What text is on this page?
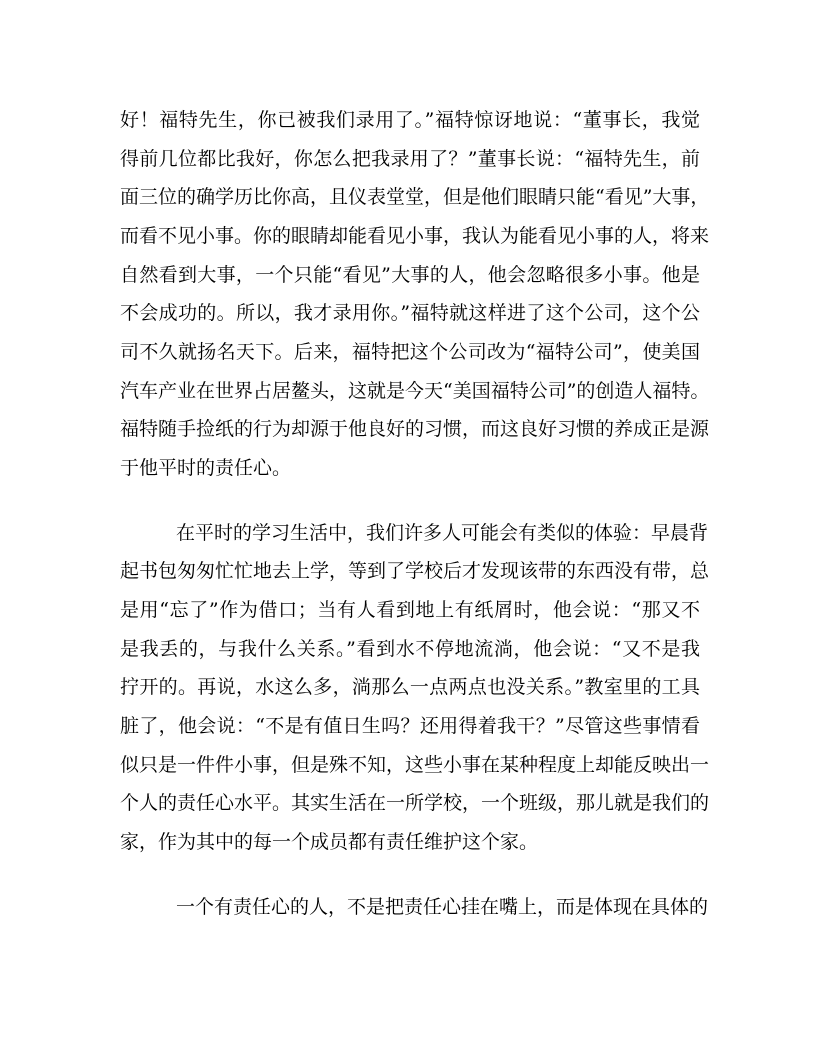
好！福特先生，你已被我们录用了。”福特惊讶地说：“董事长，我觉
得前几位都比我好，你怎么把我录用了？”董事长说：“福特先生，前
面三位的确学历比你高，且仪表堂堂，但是他们眼睛只能“看见”大事，
而看不见小事。你的眼睛却能看见小事，我认为能看见小事的人，将来
自然看到大事，一个只能“看见”大事的人，他会忽略很多小事。他是
不会成功的。所以，我才录用你。”福特就这样进了这个公司，这个公
司不久就扬名天下。后来，福特把这个公司改为“福特公司”，使美国
汽车产业在世界占居鳌头，这就是今天“美国福特公司”的创造人福特。
福特随手捡纸的行为却源于他良好的习惯，而这良好习惯的养成正是源
于他平时的责任心。
在平时的学习生活中，我们许多人可能会有类似的体验：早晨背
起书包匆匆忙忙地去上学，等到了学校后才发现该带的东西没有带，总
是用“忘了”作为借口；当有人看到地上有纸屑时，他会说：“那又不
是我丢的，与我什么关系。”看到水不停地流淌，他会说：“又不是我
拧开的。再说，水这么多，淌那么一点两点也没关系。”教室里的工具
脏了，他会说：“不是有值日生吗？还用得着我干？”尽管这些事情看
似只是一件件小事，但是殊不知，这些小事在某种程度上却能反映出一
个人的责任心水平。其实生活在一所学校，一个班级，那儿就是我们的
家，作为其中的每一个成员都有责任维护这个家。
一个有责任心的人，不是把责任心挂在嘴上，而是体现在具体的
